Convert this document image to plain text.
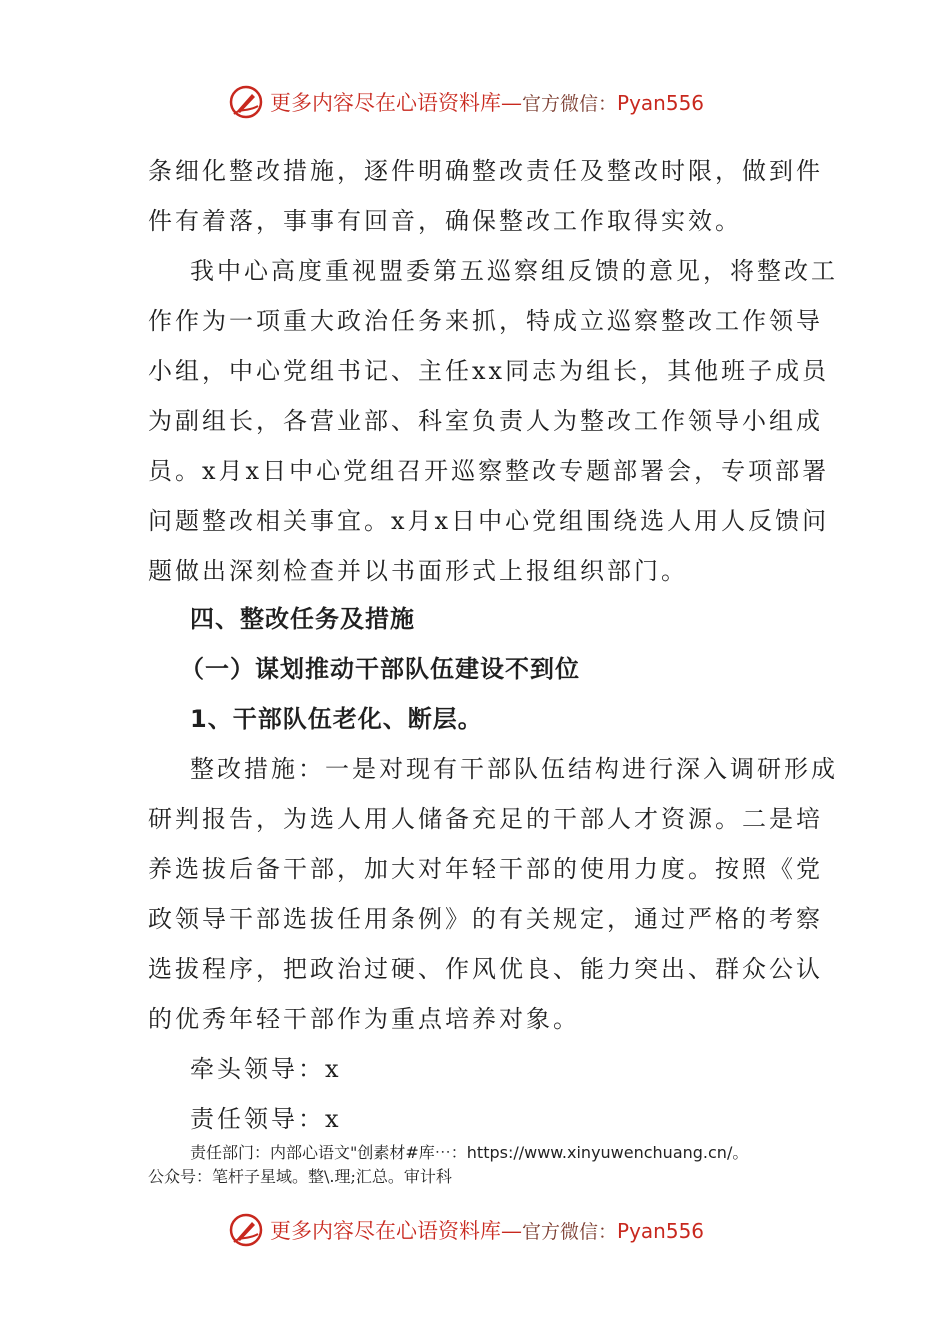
更多内容尽在心语资料库—官方微信：Pyan556
条细化整改措施，逐件明确整改责任及整改时限，做到件
件有着落，事事有回音，确保整改工作取得实效。
我中心高度重视盟委第五巡察组反馈的意见，将整改工
作作为一项重大政治任务来抓，特成立巡察整改工作领导
小组，中心党组书记、主任xx同志为组长，其他班子成员
为副组长，各营业部、科室负责人为整改工作领导小组成
员。x月x日中心党组召开巡察整改专题部署会，专项部署
问题整改相关事宜。x月x日中心党组围绕选人用人反馈问
题做出深刻检查并以书面形式上报组织部门。
四、整改任务及措施
（一）谋划推动干部队伍建设不到位
1、干部队伍老化、断层。
整改措施：一是对现有干部队伍结构进行深入调研形成
研判报告，为选人用人储备充足的干部人才资源。二是培
养选拔后备干部，加大对年轻干部的使用力度。按照《党
政领导干部选拔任用条例》的有关规定，通过严格的考察
选拔程序，把政治过硬、作风优良、能力突出、群众公认
的优秀年轻干部作为重点培养对象。
牵头领导：x
责任领导：x
责任部门：内部心语文"创素材#库⋯：https://www.xinyuwenchuang.cn/。
公众号：笔杆子星域。整\.理;汇总。审计科
更多内容尽在心语资料库—官方微信：Pyan556
